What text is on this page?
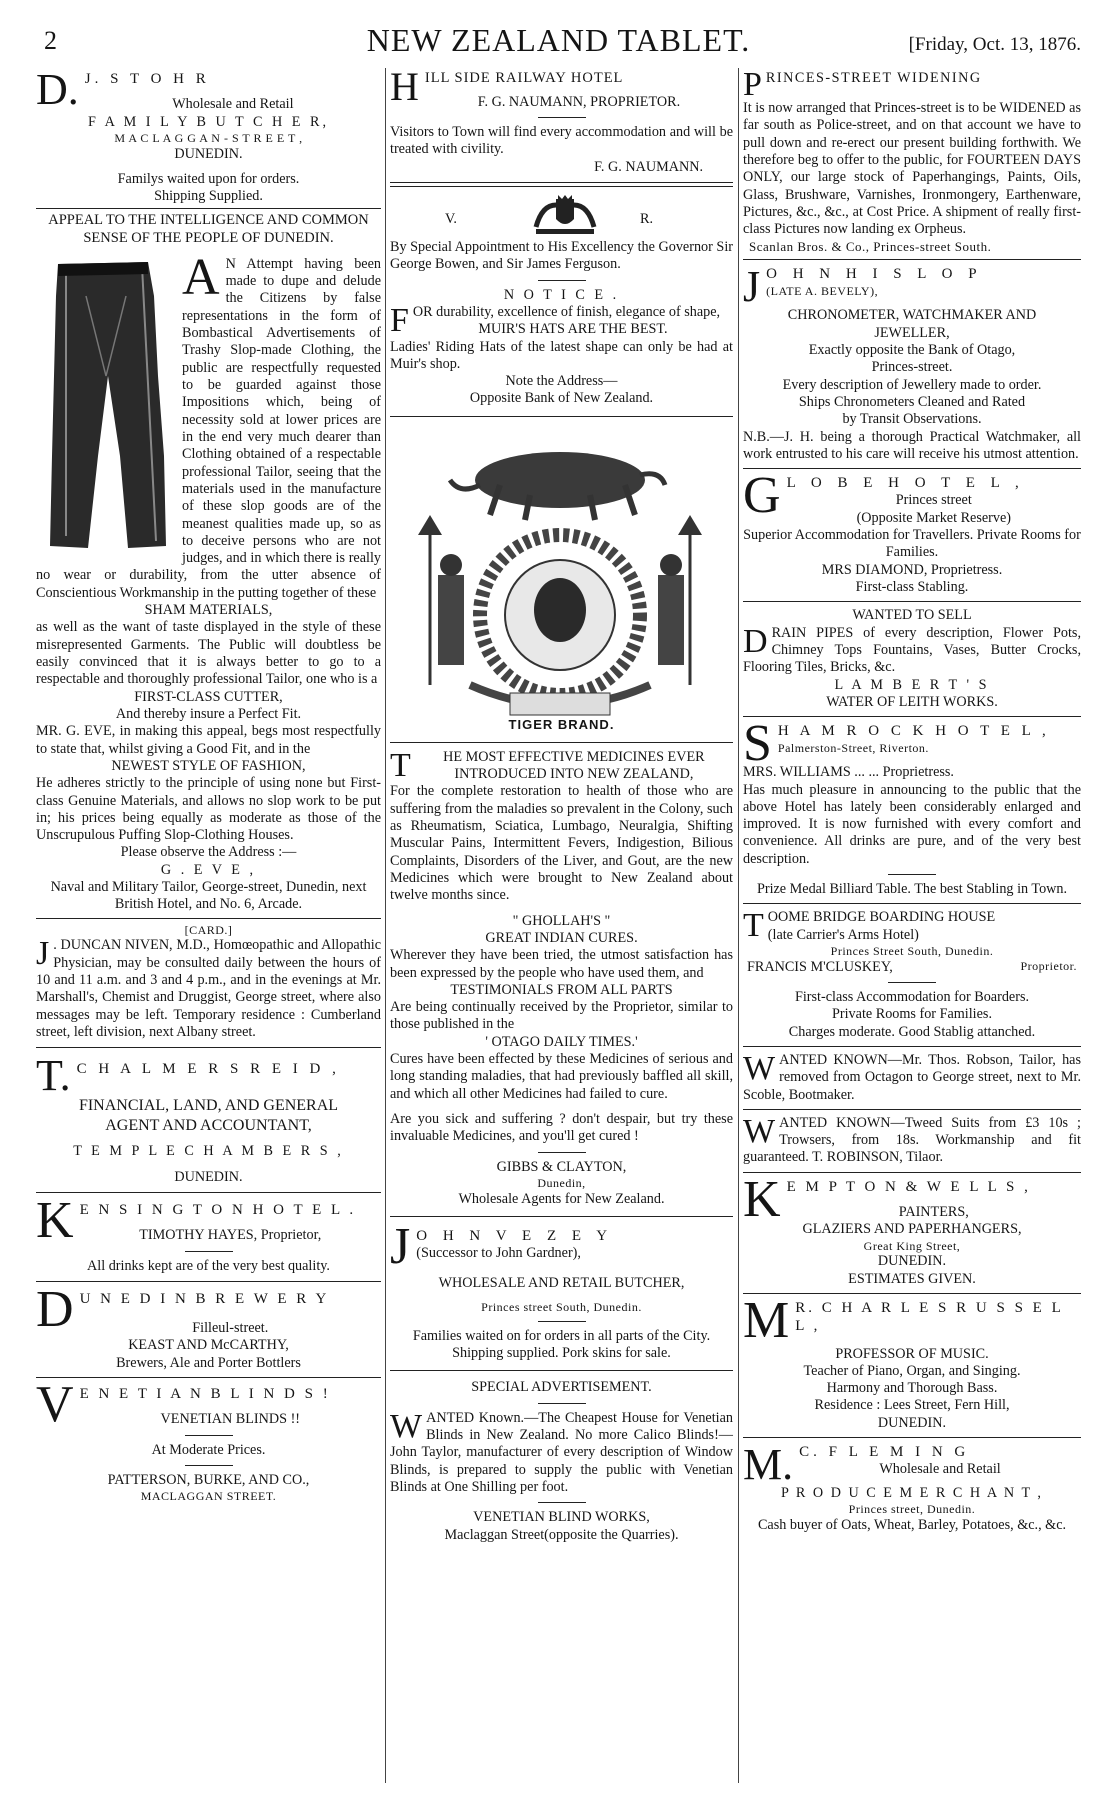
2	NEW ZEALAND TABLET.	[Friday, Oct. 13, 1876.
D. J. S T O H R
Wholesale and Retail
F A M I L Y B U T C H E R,
M A C L A G G A N - S T R E E T ,
DUNEDIN.
Familys waited upon for orders.
Shipping Supplied.
APPEAL TO THE INTELLIGENCE AND COMMON SENSE OF THE PEOPLE OF DUNEDIN.

A N Attempt having been made to dupe and delude the Citizens by false representations in the form of Bombastical Advertisements of Trashy Slop-made Clothing, the public are respectfully requested to be guarded against those Impositions which, being of necessity sold at lower prices are in the end very much dearer than Clothing obtained of a respectable professional Tailor, seeing that the materials used in the manufacture of these slop goods are of the meanest qualities made up, so as to deceive persons who are not judges, and in which there is really no wear or durability, from the utter absence of Conscientious Workmanship in the putting together of these

SHAM MATERIALS,

as well as the want of taste displayed in the style of these misrepresented Garments. The Public will doubtless be easily convinced that it is always better to go to a respectable and thoroughly professional Tailor, one who is a

FIRST-CLASS CUTTER,
And thereby insure a Perfect Fit.

MR. G. EVE, in making this appeal, begs most respectfully to state that, whilst giving a Good Fit, and in the

NEWEST STYLE OF FASHION,

He adheres strictly to the principle of using none but First-class Genuine Materials, and allows no slop work to be put in; his prices being equally as moderate as those of the Unscrupulous Puffing Slop-Clothing Houses.

Please observe the Address :—
G . E V E ,

Naval and Military Tailor, George-street, Dunedin, next British Hotel, and No. 6, Arcade.

[CARD.]

J . DUNCAN NIVEN, M.D., Homœopathic and Allopathic Physician, may be consulted daily between the hours of 10 and 11 a.m. and 3 and 4 p.m., and in the evenings at Mr. Marshall's, Chemist and Druggist, George street, where also messages may be left. Temporary residence : Cumberland street, left division, next Albany street.

T. C H A L M E R S R E I D ,
FINANCIAL, LAND, AND GENERAL
AGENT AND ACCOUNTANT,
T E M P L E C H A M B E R S ,
DUNEDIN.
K E N S I N G T O N H O T E L .
TIMOTHY HAYES, Proprietor,
All drinks kept are of the very best quality.
D U N E D I N B R E W E R Y
Filleul-street.
KEAST AND McCARTHY,
Brewers, Ale and Porter Bottlers
V E N E T I A N B L I N D S !
VENETIAN BLINDS !!
At Moderate Prices.
PATTERSON, BURKE, AND CO.,
MACLAGGAN STREET.
H ILL SIDE RAILWAY HOTEL
F. G. NAUMANN, PROPRIETOR.

Visitors to Town will find every accommodation and will be treated with civility.

F. G. NAUMANN.
V.	R.

By Special Appointment to His Excellency the Governor Sir George Bowen, and Sir James Ferguson.

N O T I C E .

FOR durability, excellence of finish, elegance of shape,

MUIR'S HATS ARE THE BEST.

Ladies' Riding Hats of the latest shape can only be had at Muir's shop.

Note the Address—
Opposite Bank of New Zealand.
TIGER BRAND.
T HE MOST EFFECTIVE MEDICINES EVER INTRODUCED INTO NEW ZEALAND,

For the complete restoration to health of those who are suffering from the maladies so prevalent in the Colony, such as Rheumatism, Sciatica, Lumbago, Neuralgia, Shifting Muscular Pains, Intermittent Fevers, Indigestion, Bilious Complaints, Disorders of the Liver, and Gout, are the new Medicines which were brought to New Zealand about twelve months since.

" GHOLLAH'S "
GREAT INDIAN CURES.

Wherever they have been tried, the utmost satisfaction has been expressed by the people who have used them, and

TESTIMONIALS FROM ALL PARTS

Are being continually received by the Proprietor, similar to those published in the

' OTAGO DAILY TIMES.'

Cures have been effected by these Medicines of serious and long standing maladies, that had previously baffled all skill, and which all other Medicines had failed to cure.

Are you sick and suffering ? don't despair, but try these invaluable Medicines, and you'll get cured !

GIBBS & CLAYTON,
Dunedin,
Wholesale Agents for New Zealand.
J O H N V E Z E Y
(Successor to John Gardner),
WHOLESALE AND RETAIL BUTCHER,
Princes street South, Dunedin.

Families waited on for orders in all parts of the City.

Shipping supplied. Pork skins for sale.
SPECIAL ADVERTISEMENT.

WANTED Known.—The Cheapest House for Venetian Blinds in New Zealand. No more Calico Blinds!—John Taylor, manufacturer of every description of Window Blinds, is prepared to supply the public with Venetian Blinds at One Shilling per foot.

VENETIAN BLIND WORKS,
Maclaggan Street(opposite the Quarries).
P RINCES-STREET WIDENING

It is now arranged that Princes-street is to be WIDENED as far south as Police-street, and on that account we have to pull down and re-erect our present building forthwith. We therefore beg to offer to the public, for FOURTEEN DAYS ONLY, our large stock of Paperhangings, Paints, Oils, Glass, Brushware, Varnishes, Ironmongery, Earthenware, Pictures, &c., &c., at Cost Price. A shipment of really first-class Pictures now landing ex Orpheus.

Scanlan Bros. & Co., Princes-street South.
J O H N H I S L O P
(LATE A. BEVELY),
CHRONOMETER, WATCHMAKER AND
JEWELLER,
Exactly opposite the Bank of Otago,
Princes-street.
Every description of Jewellery made to order.
Ships Chronometers Cleaned and Rated
by Transit Observations.

N.B.—J. H. being a thorough Practical Watchmaker, all work entrusted to his care will receive his utmost attention.

G L O B E H O T E L ,
Princes street
(Opposite Market Reserve)

Superior Accommodation for Travellers. Private Rooms for Families.

MRS DIAMOND, Proprietress.
First-class Stabling.
WANTED TO SELL

DRAIN PIPES of every description, Flower Pots, Chimney Tops Fountains, Vases, Butter Crocks, Flooring Tiles, Bricks, &c.

L A M B E R T ' S
WATER OF LEITH WORKS.
S H A M R O C K H O T E L ,
Palmerston-Street, Riverton.
MRS. WILLIAMS ... ... Proprietress.

Has much pleasure in announcing to the public that the above Hotel has lately been considerably enlarged and improved. It is now furnished with every comfort and convenience. All drinks are pure, and of the very best description.

Prize Medal Billiard Table. The best Stabling in Town.

T OOME BRIDGE BOARDING HOUSE
(late Carrier's Arms Hotel)
Princes Street South, Dunedin.
FRANCIS M'CLUSKEY,	Proprietor.
First-class Accommodation for Boarders.
Private Rooms for Families.
Charges moderate. Good Stablig attanched.

WANTED KNOWN—Mr. Thos. Robson, Tailor, has removed from Octagon to George street, next to Mr. Scoble, Bootmaker.

WANTED KNOWN—Tweed Suits from £3 10s ; Trowsers, from 18s. Workmanship and fit guaranteed. T. ROBINSON, Tilaor.

K E M P T O N & W E L L S ,
PAINTERS,
GLAZIERS AND PAPERHANGERS,
Great King Street,
DUNEDIN.
ESTIMATES GIVEN.
M R. C H A R L E S R U S S E L L ,
PROFESSOR OF MUSIC.
Teacher of Piano, Organ, and Singing.
Harmony and Thorough Bass.
Residence : Lees Street, Fern Hill,
DUNEDIN.
M. C. F L E M I N G
Wholesale and Retail
P R O D U C E M E R C H A N T ,
Princes street, Dunedin.
Cash buyer of Oats, Wheat, Barley, Potatoes, &c., &c.
